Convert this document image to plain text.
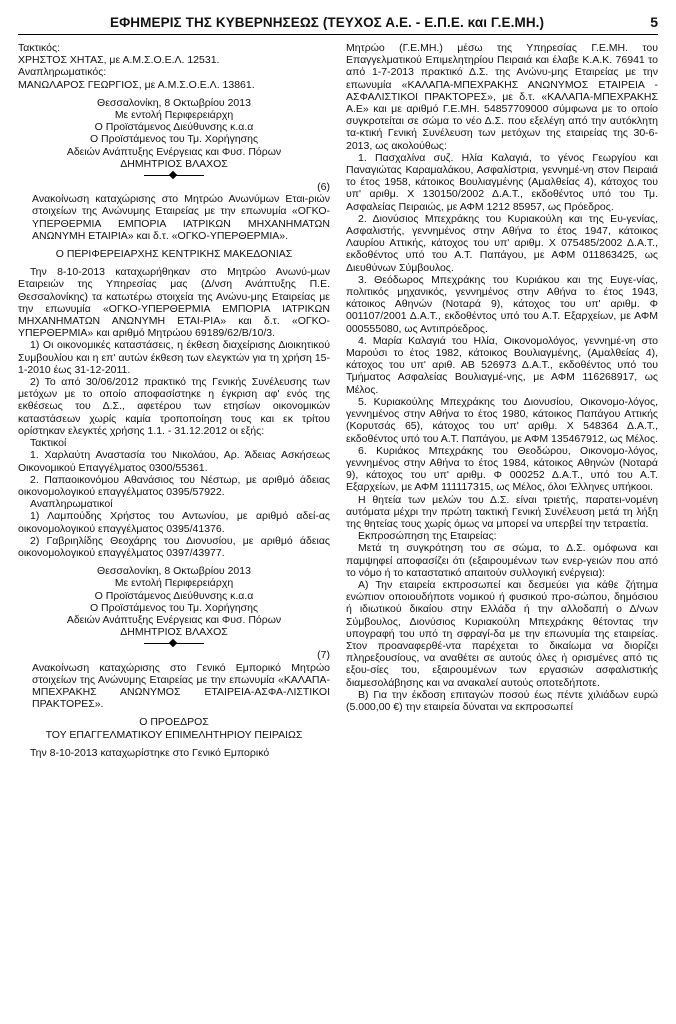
ΕΦΗΜΕΡΙΣ ΤΗΣ ΚΥΒΕΡΝΗΣΕΩΣ (ΤΕΥΧΟΣ Α.Ε. - Ε.Π.Ε. και Γ.Ε.ΜΗ.)	5

Τακτικός:

ΧΡΗΣΤΟΣ ΧΗΤΑΣ, με Α.Μ.Σ.Ο.Ε.Λ. 12531.

Αναπληρωματικός:

ΜΑΝΩΛΑΡΟΣ ΓΕΩΡΓΙΟΣ, με Α.Μ.Σ.Ο.Ε.Λ. 13861.

Θεσσαλονίκη, 8 Οκτωβρίου 2013

Με εντολή Περιφερειάρχη

Ο Προϊστάμενος Διεύθυνσης κ.α.α

Ο Προϊστάμενος του Τμ. Χορήγησης

Αδειών Ανάπτυξης Ενέργειας και Φυσ. Πόρων

ΔΗΜΗΤΡΙΟΣ ΒΛΑΧΟΣ

(6)

Ανακοίνωση καταχώρισης στο Μητρώο Ανωνύμων Εται-ριών στοιχείων της Ανώνυμης Εταιρείας με την επωνυμία «ΟΓΚΟ-ΥΠΕΡΘΕΡΜΙΑ ΕΜΠΟΡΙΑ ΙΑΤΡΙΚΩΝ ΜΗΧΑΝΗΜΑΤΩΝ ΑΝΩΝΥΜΗ ΕΤΑΙΡΙΑ» και δ.τ. «ΟΓΚΟ-ΥΠΕΡΘΕΡΜΙΑ».

Ο ΠΕΡΙΦΕΡΕΙΑΡΧΗΣ ΚΕΝΤΡΙΚΗΣ ΜΑΚΕΔΟΝΙΑΣ

Την 8-10-2013 καταχωρήθηκαν στο Μητρώο Ανωνύ-μων Εταιρειών της Υπηρεσίας μας (Δ/νση Ανάπτυξης Π.Ε. Θεσσαλονίκης) τα κατωτέρω στοιχεία της Ανώνυ-μης Εταιρείας με την επωνυμία «ΟΓΚΟ-ΥΠΕΡΘΕΡΜΙΑ ΕΜΠΟΡΙΑ ΙΑΤΡΙΚΩΝ ΜΗΧΑΝΗΜΑΤΩΝ ΑΝΩΝΥΜΗ ΕΤΑΙ-ΡΙΑ» και δ.τ. «ΟΓΚΟ-ΥΠΕΡΘΕΡΜΙΑ» και αριθμό Μητρώου 69189/62/Β/10/3.

1) Οι οικονομικές καταστάσεις, η έκθεση διαχείρισης Διοικητικού Συμβουλίου και η επ' αυτών έκθεση των ελεγκτών για τη χρήση 15-1-2010 έως 31-12-2011.

2) Το από 30/06/2012 πρακτικό της Γενικής Συνέλευσης των μετόχων με το οποίο αποφασίστηκε η έγκριση αφ' ενός της εκθέσεως του Δ.Σ., αφετέρου των ετησίων οικονομικών καταστάσεων χωρίς καμία τροποποίηση τους και εκ τρίτου ορίστηκαν ελεγκτές χρήσης 1.1. - 31.12.2012 οι εξής:

Τακτικοί

1. Χαρλαύτη Αναστασία του Νικολάου, Αρ. Άδειας Ασκήσεως Οικονομικού Επαγγέλματος 0300/55361.

2. Παπαοικονόμου Αθανάσιος του Νέστωρ, με αριθμό άδειας οικονομολογικού επαγγέλματος 0395/57922.

Αναπληρωματικοί

1) Λαμπούδης Χρήστος του Αντωνίου, με αριθμό αδεί-ας οικονομολογικού επαγγέλματος 0395/41376.

2) Γαβριηλίδης Θεοχάρης του Διονυσίου, με αριθμό άδειας οικονομολογικού επαγγέλματος 0397/43977.

Θεσσαλονίκη, 8 Οκτωβρίου 2013

Με εντολή Περιφερειάρχη

Ο Προϊστάμενος Διεύθυνσης κ.α.α

Ο Προϊστάμενος του Τμ. Χορήγησης

Αδειών Ανάπτυξης Ενέργειας και Φυσ. Πόρων

ΔΗΜΗΤΡΙΟΣ ΒΛΑΧΟΣ

(7)

Ανακοίνωση καταχώρισης στο Γενικό Εμπορικό Μητρώο στοιχείων της Ανώνυμης Εταιρείας με την επωνυμία «ΚΑΛΑΠΑ-ΜΠΕΧΡΑΚΗΣ ΑΝΩΝΥΜΟΣ ΕΤΑΙΡΕΙΑ-ΑΣΦΑ-ΛΙΣΤΙΚΟΙ ΠΡΑΚΤΟΡΕΣ».

Ο ΠΡΟΕΔΡΟΣ

ΤΟΥ ΕΠΑΓΓΕΛΜΑΤΙΚΟΥ ΕΠΙΜΕΛΗΤΗΡΙΟΥ ΠΕΙΡΑΙΩΣ

Την 8-10-2013 καταχωρίστηκε στο Γενικό Εμπορικό

Μητρώο (Γ.Ε.ΜΗ.) μέσω της Υπηρεσίας Γ.Ε.ΜΗ. του Επαγγελματικού Επιμελητηρίου Πειραιά και έλαβε Κ.Α.Κ. 76941 το από 1-7-2013 πρακτικό Δ.Σ. της Ανώνυ-μης Εταιρείας με την επωνυμία «ΚΑΛΑΠΑ-ΜΠΕΧΡΑΚΗΣ ΑΝΩΝΥΜΟΣ ΕΤΑΙΡΕΙΑ - ΑΣΦΑΛΙΣΤΙΚΟΙ ΠΡΑΚΤΟΡΕΣ», με δ.τ. «ΚΑΛΑΠΑ-ΜΠΕΧΡΑΚΗΣ Α.Ε» και με αριθμό Γ.Ε.ΜΗ. 54857709000 σύμφωνα με το οποίο συγκροτείται σε σώμα το νέο Δ.Σ. που εξελέγη από την αυτόκλητη τα-κτική Γενική Συνέλευση των μετόχων της εταιρείας της 30-6-2013, ως ακολούθως:

1. Πασχαλίνα συζ. Ηλία Καλαγιά, το γένος Γεωργίου και Παναγιώτας Καραμαλάκου, Ασφαλίστρια, γεννημέ-νη στον Πειραιά το έτος 1958, κάτοικος Βουλιαγμένης (Αμαλθείας 4), κάτοχος του υπ' αριθμ. Χ 130150/2002 Δ.Α.Τ., εκδοθέντος υπό του Τμ. Ασφαλείας Πειραιώς, με ΑΦΜ 1212 85957, ως Πρόεδρος.

2. Διονύσιος Μπεχράκης του Κυριακούλη και της Ευ-γενίας, Ασφαλιστής, γεννημένος στην Αθήνα το έτος 1947, κάτοικος Λαυρίου Αττικής, κάτοχος του υπ' αριθμ. Χ 075485/2002 Δ.Α.Τ., εκδοθέντος υπό του Α.Τ. Παπάγου, με ΑΦΜ 011863425, ως Διευθύνων Σύμβουλος.

3. Θεόδωρος Μπεχράκης του Κυριάκου και της Ευγε-νίας, πολιτικός μηχανικός, γεννημένος στην Αθήνα το έτος 1943, κάτοικος Αθηνών (Νοταρά 9), κάτοχος του υπ' αριθμ. Φ 001107/2001 Δ.Α.Τ., εκδοθέντος υπό του Α.Τ. Εξαρχείων, με ΑΦΜ 000555080, ως Αντιπρόεδρος.

4. Μαρία Καλαγιά του Ηλία, Οικονομολόγος, γεννημέ-νη στο Μαρούσι το έτος 1982, κάτοικος Βουλιαγμένης, (Αμαλθείας 4), κάτοχος του υπ' αριθ. ΑΒ 526973 Δ.Α.Τ., εκδοθέντος υπό του Τμήματος Ασφαλείας Βουλιαγμέ-νης, με ΑΦΜ 116268917, ως Μέλος.

5. Κυριακούλης Μπεχράκης του Διονυσίου, Οικονομο-λόγος, γεννημένος στην Αθήνα το έτος 1980, κάτοικος Παπάγου Αττικής (Κορυτσάς 65), κάτοχος του υπ' αριθμ. Χ 548364 Δ.Α.Τ., εκδοθέντος υπό του Α.Τ. Παπάγου, με ΑΦΜ 135467912, ως Μέλος.

6. Κυριάκος Μπεχράκης του Θεοδώρου, Οικονομο-λόγος, γεννημένος στην Αθήνα το έτος 1984, κάτοικος Αθηνών (Νοταρά 9), κάτοχος του υπ' αριθμ. Φ 000252 Δ.Α.Τ., υπό του Α.Τ. Εξαρχείων, με ΑΦΜ 111117315, ως Μέλος, όλοι Έλληνες υπήκοοι.

Η θητεία των μελών του Δ.Σ. είναι τριετής, παρατει-νομένη αυτόματα μέχρι την πρώτη τακτική Γενική Συνέλευση μετά τη λήξη της θητείας τους χωρίς όμως να μπορεί να υπερβεί την τετραετία.

Εκπροσώπηση της Εταιρείας:

Μετά τη συγκρότηση του σε σώμα, το Δ.Σ. ομόφωνα και παμψηφεί αποφασίζει ότι (εξαιρουμένων των ενερ-γειών που από το νόμο ή το καταστατικό απαιτούν συλλογική ενέργεια):

Α) Την εταιρεία εκπροσωπεί και δεσμεύει για κάθε ζήτημα ενώπιον οποιουδήποτε νομικού ή φυσικού προ-σώπου, δημόσιου ή ιδιωτικού δικαίου στην Ελλάδα ή την αλλοδαπή ο Δ/νων Σύμβουλος, Διονύσιος Κυριακούλη Μπεχράκης θέτοντας την υπογραφή του υπό τη σφραγί-δα με την επωνυμία της εταιρείας. Στον προαναφερθέ-ντα παρέχεται το δικαίωμα να διορίζει πληρεξουσίους, να αναθέτει σε αυτούς όλες ή ορισμένες από τις εξου-σίες του, εξαιρουμένων των εργασιών ασφαλιστικής διαμεσολάβησης και να ανακαλεί αυτούς οποτεδήποτε.

Β) Για την έκδοση επιταγών ποσού έως πέντε χιλιάδων ευρώ (5.000,00 €) την εταιρεία δύναται να εκπροσωπεί
